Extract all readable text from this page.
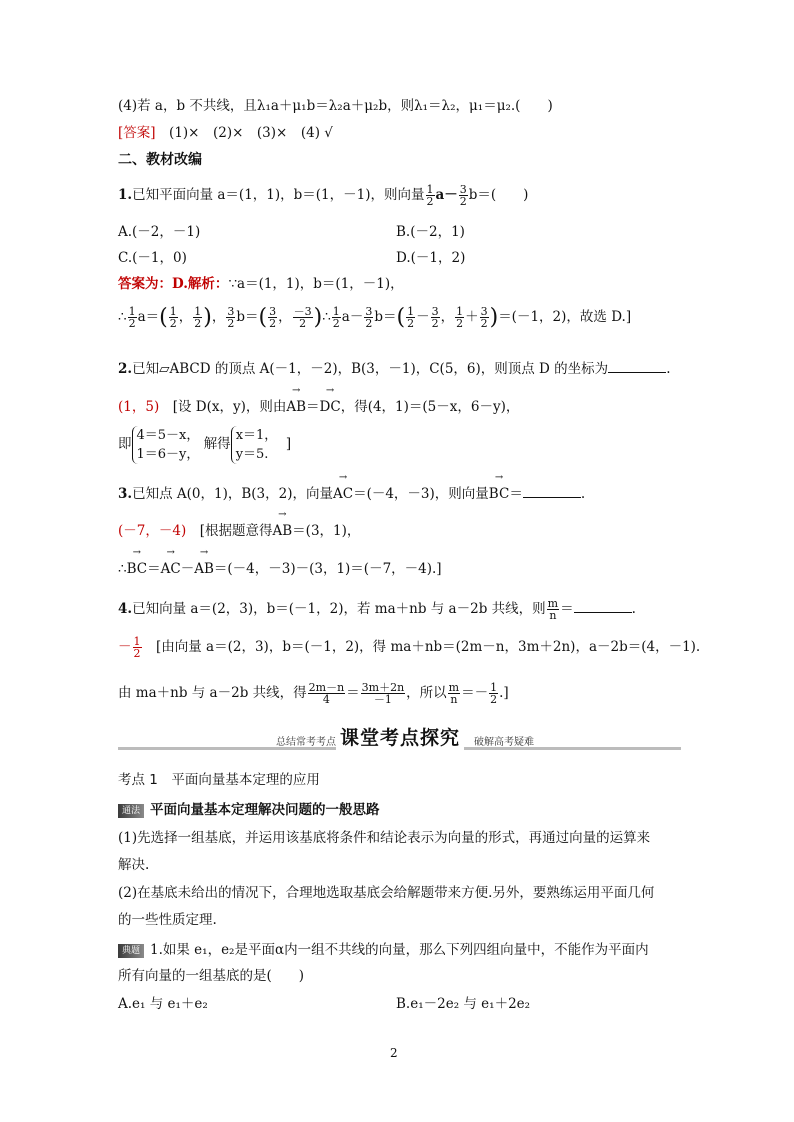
(4)若 a，b 不共线，且λ₁a＋μ₁b＝λ₂a＋μ₂b，则λ₁＝λ₂，μ₁＝μ₂.(　　)
[答案]　(1)×　(2)×　(3)×　(4) √
二、教材改编
1.已知平面向量 a＝(1，1)，b＝(1，－1)，则向量 $\frac{1}{2} a- \frac{3}{2} b=$(　　)
A.(－2，－1)	B.(－2，1)
C.(－1，0)	D.(－1，2)
答案为：D.解析：∵a＝(1，1)，b＝(1，－1)，
∴ $\frac{1}{2} a=( \frac{1}{2}$ ， $\frac{1}{2}$ )， $\frac{3}{2} b=( \frac{3}{2}$ ， $\frac{-3}{2}$ )∴ $\frac{1}{2} a- \frac{3}{2} b=( \frac{1}{2} - \frac{3}{2}$ ， $\frac{1}{2} + \frac{3}{2} )=(-1$，2)，故选 D.]
2.已知▱ABCD 的顶点 A(－1，－2)，B(3，－1)，C(5，6)，则顶点 D 的坐标为	.
(1，5)　[设 D(x，y)，则由→ AB＝→ DC，得(4，1)＝(5－x，6－y)，
即
4＝5－x，
1＝6－y，
解得
x＝1，
y＝5.
]
3.已知点 A(0，1)，B(3，2)，向量→ AC＝(－4，－3)，则向量→ BC＝	.
(－7，－4)　[根据题意得→ AB＝(3，1)，
∴→ BC＝→ AC－→ AB＝(－4，－3)－(3，1)＝(－7，－4).]
4.已知向量 a＝(2，3)，b＝(－1，2)，若 ma＋nb 与 a－2b 共线，则 $\frac{m}{n}$ ＝	.
－ $\frac{1}{2}$ 　[由向量 a＝(2，3)，b＝(－1，2)，得 ma＋nb＝(2m－n，3m＋2n)，a－2b＝(4，－1).
由 ma＋nb 与 a－2b 共线，得 $\frac{2m-n}{4} = \frac{3m+2n}{-1}$ ，所以 $\frac{m}{n} =- \frac{1}{2}$ .]
总结常考考点 课堂考点探究	破解高考疑难
考点 1　平面向量基本定理的应用
通法 平面向量基本定理解决问题的一般思路
(1)先选择一组基底，并运用该基底将条件和结论表示为向量的形式，再通过向量的运算来
解决.
(2)在基底未给出的情况下，合理地选取基底会给解题带来方便.另外，要熟练运用平面几何
的一些性质定理.
典题 1.如果 e₁，e₂是平面α内一组不共线的向量，那么下列四组向量中，不能作为平面内
所有向量的一组基底的是(　　)
A.e₁ 与 e₁＋e₂	B.e₁－2e₂ 与 e₁＋2e₂
2
